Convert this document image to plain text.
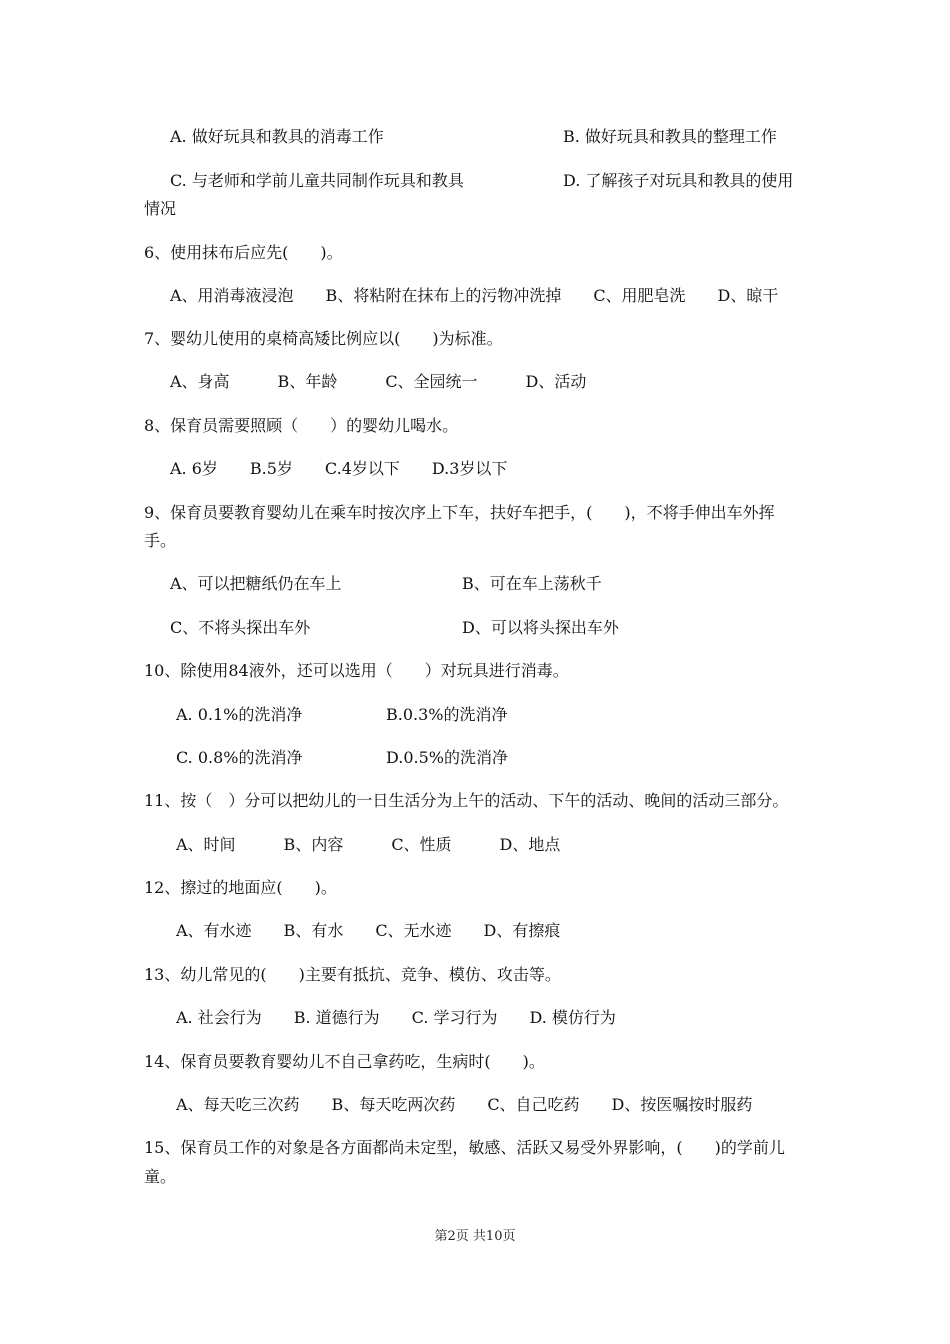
A. 做好玩具和教具的消毒工作	B. 做好玩具和教具的整理工作
C. 与老师和学前儿童共同制作玩具和教具	D. 了解孩子对玩具和教具的使用
情况
6、使用抹布后应先(　　)。
A、用消毒液浸泡　　B、将粘附在抹布上的污物冲洗掉　　C、用肥皂洗　　D、晾干
7、婴幼儿使用的桌椅高矮比例应以(　　)为标准。
A、身高　　　B、年龄　　　C、全园统一　　　D、活动
8、保育员需要照顾（　　）的婴幼儿喝水。
A. 6岁　　B.5岁　　C.4岁以下　　D.3岁以下
9、保育员要教育婴幼儿在乘车时按次序上下车，扶好车把手，(　　)，不将手伸出车外挥
手。
A、可以把糖纸仍在车上	B、可在车上荡秋千
C、不将头探出车外	D、可以将头探出车外
10、除使用84液外，还可以选用（　　）对玩具进行消毒。
A. 0.1%的洗消净	B.0.3%的洗消净
C. 0.8%的洗消净	D.0.5%的洗消净
11、按（　）分可以把幼儿的一日生活分为上午的活动、下午的活动、晚间的活动三部分。
A、时间　　　B、内容　　　C、性质　　　D、地点
12、擦过的地面应(　　)。
A、有水迹　　B、有水　　C、无水迹　　D、有擦痕
13、幼儿常见的(　　)主要有抵抗、竞争、模仿、攻击等。
A. 社会行为　　B. 道德行为　　C. 学习行为　　D. 模仿行为
14、保育员要教育婴幼儿不自己拿药吃，生病时(　　)。
A、每天吃三次药　　B、每天吃两次药　　C、自己吃药　　D、按医嘱按时服药
15、保育员工作的对象是各方面都尚未定型，敏感、活跃又易受外界影响，(　　)的学前儿
童。
第2页 共10页
